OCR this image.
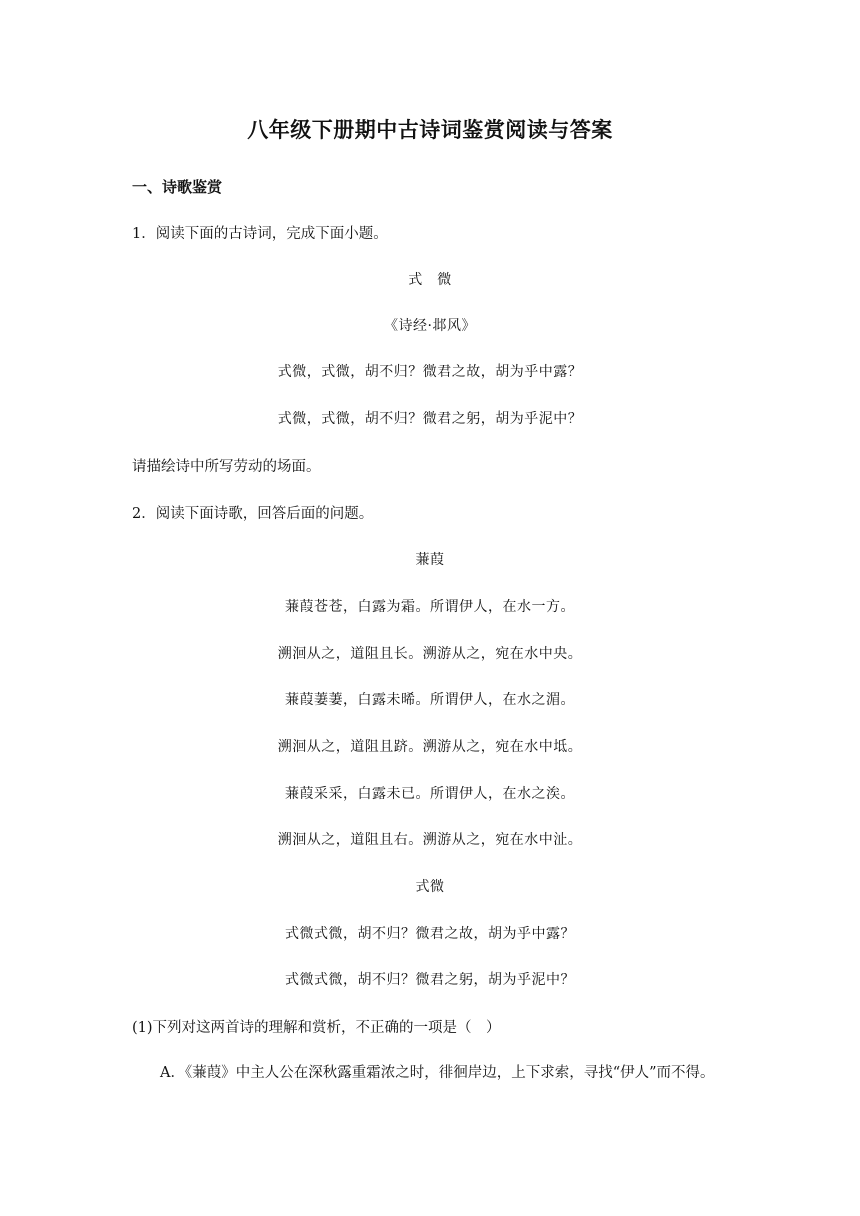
八年级下册期中古诗词鉴赏阅读与答案
一、诗歌鉴赏
1．阅读下面的古诗词，完成下面小题。
式　微
《诗经·邶风》
式微，式微，胡不归？微君之故，胡为乎中露？
式微，式微，胡不归？微君之躬，胡为乎泥中？
请描绘诗中所写劳动的场面。
2．阅读下面诗歌，回答后面的问题。
蒹葭
蒹葭苍苍，白露为霜。所谓伊人，在水一方。
溯洄从之，道阻且长。溯游从之，宛在水中央。
蒹葭萋萋，白露未晞。所谓伊人，在水之湄。
溯洄从之，道阻且跻。溯游从之，宛在水中坻。
蒹葭采采，白露未已。所谓伊人，在水之涘。
溯洄从之，道阻且右。溯游从之，宛在水中沚。
式微
式微式微，胡不归？微君之故，胡为乎中露？
式微式微，胡不归？微君之躬，胡为乎泥中？
(1)下列对这两首诗的理解和赏析，不正确的一项是（　）
A．《蒹葭》中主人公在深秋露重霜浓之时，徘徊岸边，上下求索，寻找“伊人”而不得。
